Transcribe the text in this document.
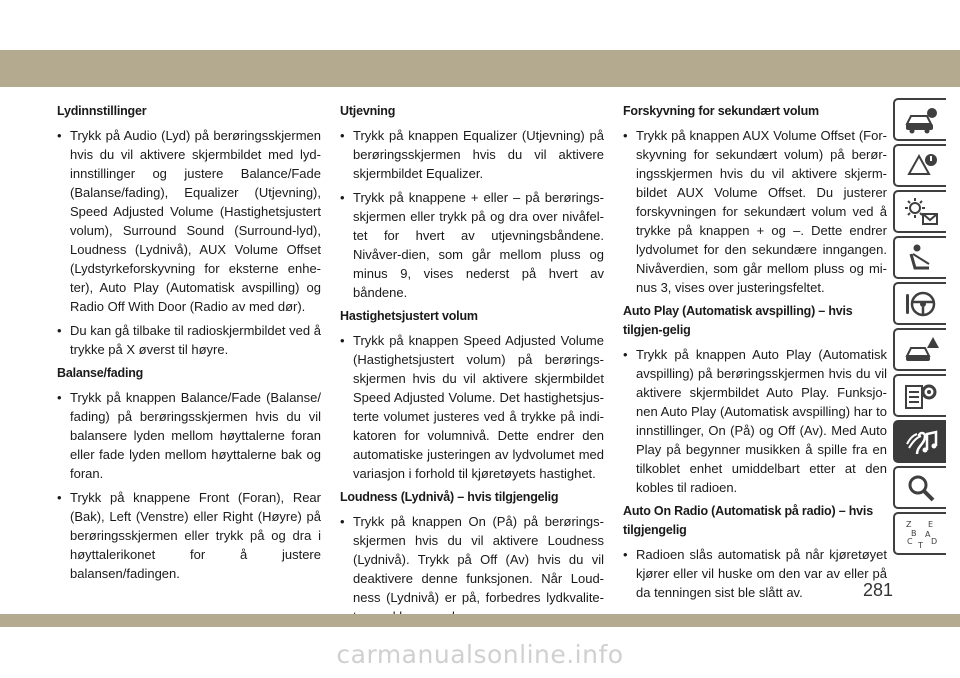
Lydinnstillinger
• Trykk på Audio (Lyd) på berøringsskjermen hvis du vil aktivere skjermbildet med lyd-innstillinger og justere Balance/Fade (Balanse/fading), Equalizer (Utjevning), Speed Adjusted Volume (Hastighetsjustert volum), Surround Sound (Surround-lyd), Loudness (Lydnivå), AUX Volume Offset (Lydstyrkeforskyvning for eksterne enhe-ter), Auto Play (Automatisk avspilling) og Radio Off With Door (Radio av med dør).
• Du kan gå tilbake til radioskjermbildet ved å trykke på X øverst til høyre.
Balanse/fading
• Trykk på knappen Balance/Fade (Balanse/ fading) på berøringsskjermen hvis du vil balansere lyden mellom høyttalerne foran eller fade lyden mellom høyttalerne bak og foran.
• Trykk på knappene Front (Foran), Rear (Bak), Left (Venstre) eller Right (Høyre) på berøringsskjermen eller trykk på og dra i høyttalerikonet for å justere balansen/fadingen.
Utjevning
• Trykk på knappen Equalizer (Utjevning) på berøringsskjermen hvis du vil aktivere skjermbildet Equalizer.
• Trykk på knappene + eller – på berørings-skjermen eller trykk på og dra over nivåfel-tet for hvert av utjevningsbåndene. Nivåver-dien, som går mellom pluss og minus 9, vises nederst på hvert av båndene.
Hastighetsjustert volum
• Trykk på knappen Speed Adjusted Volume (Hastighetsjustert volum) på berørings-skjermen hvis du vil aktivere skjermbildet Speed Adjusted Volume. Det hastighetsjus-terte volumet justeres ved å trykke på indi-katoren for volumnivå. Dette endrer den automatiske justeringen av lydvolumet med variasjon i forhold til kjøretøyets hastighet.
Loudness (Lydnivå) – hvis tilgjengelig
• Trykk på knappen On (På) på berørings-skjermen hvis du vil aktivere Loudness (Lydnivå). Trykk på Off (Av) hvis du vil deaktivere denne funksjonen. Når Loud-ness (Lydnivå) er på, forbedres lydkvalite-
Forskyvning for sekundært volum
• Trykk på knappen AUX Volume Offset (For-skyvning for sekundært volum) på berør-ingsskjermen hvis du vil aktivere skjerm-bildet AUX Volume Offset. Du justerer forskyvningen for sekundært volum ved å trykke på knappen + og –. Dette endrer lydvolumet for den sekundære inngangen. Nivåverdien, som går mellom pluss og mi-nus 3, vises over justeringsfeltet.
Auto Play (Automatisk avspilling) – hvis tilgjen-gelig
• Trykk på knappen Auto Play (Automatisk avspilling) på berøringsskjermen hvis du vil aktivere skjermbildet Auto Play. Funksjo-nen Auto Play (Automatisk avspilling) har to innstillinger, On (På) og Off (Av). Med Auto Play på begynner musikken å spille fra en tilkoblet enhet umiddelbart etter at den kobles til radioen.
Auto On Radio (Automatisk på radio) – hvis tilgjengelig
• Radioen slås automatisk på når kjøretøyet kjører eller vil huske om den var av eller på da tenningen sist ble slått av.
Z E
B A
C D
T
281
carmanualsonline.info
